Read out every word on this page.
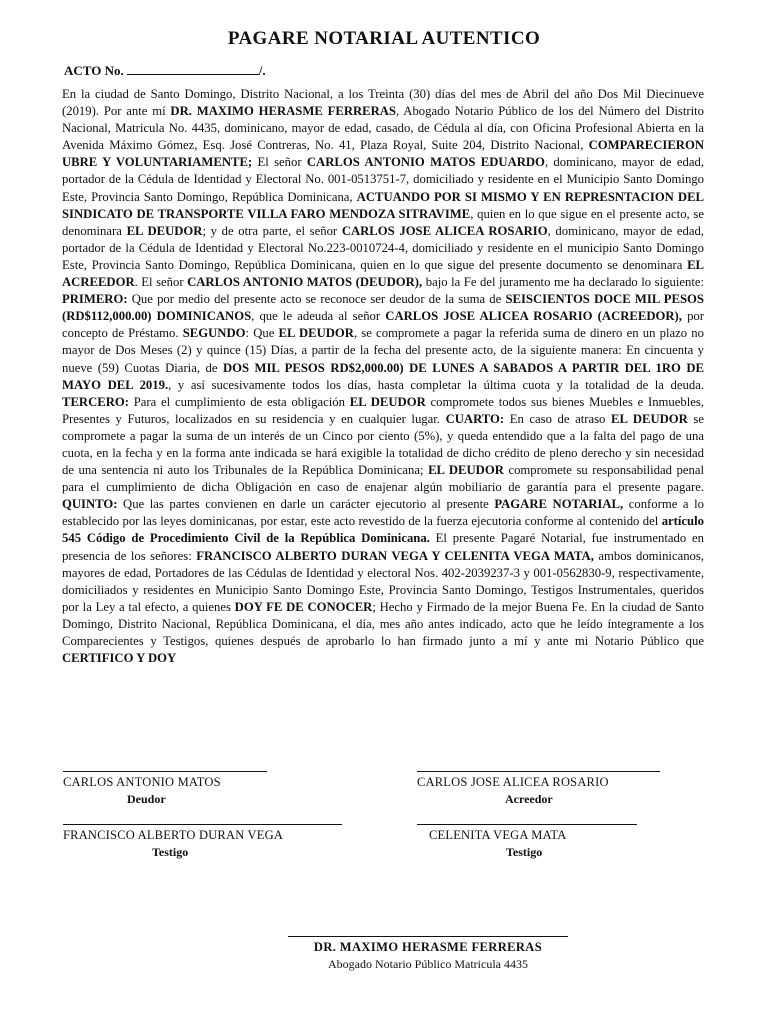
PAGARE NOTARIAL AUTENTICO
ACTO No.	/.

En la ciudad de Santo Domingo, Distrito Nacional, a los Treinta (30) días del mes de Abril del año Dos Mil Diecinueve (2019). Por ante mí DR. MAXIMO HERASME FERRERAS, Abogado Notario Público de los del Número del Distrito Nacional, Matricula No. 4435, dominicano, mayor de edad, casado, de Cédula al día, con Oficina Profesional Abierta en la Avenida Máximo Gómez, Esq. José Contreras, No. 41, Plaza Royal, Suite 204, Distrito Nacional, COMPARECIERON UBRE Y VOLUNTARIAMENTE; El señor CARLOS ANTONIO MATOS EDUARDO, dominicano, mayor de edad, portador de la Cédula de Identidad y Electoral No. 001-0513751-7, domiciliado y residente en el Municipio Santo Domingo Este, Provincia Santo Domingo, República Dominicana, ACTUANDO POR SI MISMO Y EN REPRESNTACION DEL SINDICATO DE TRANSPORTE VILLA FARO MENDOZA SITRAVIME, quien en lo que sigue en el presente acto, se denominara EL DEUDOR; y de otra parte, el señor CARLOS JOSE ALICEA ROSARIO, dominicano, mayor de edad, portador de la Cédula de Identidad y Electoral No.223-0010724-4, domiciliado y residente en el municipio Santo Domingo Este, Provincia Santo Domingo, República Dominicana, quien en lo que sigue del presente documento se denominara EL ACREEDOR. El señor CARLOS ANTONIO MATOS (DEUDOR), bajo la Fe del juramento me ha declarado lo siguiente: PRIMERO: Que por medio del presente acto se reconoce ser deudor de la suma de SEISCIENTOS DOCE MIL PESOS (RD$112,000.00) DOMINICANOS, que le adeuda al señor CARLOS JOSE ALICEA ROSARIO (ACREEDOR), por concepto de Préstamo. SEGUNDO: Que EL DEUDOR, se compromete a pagar la referida suma de dinero en un plazo no mayor de Dos Meses (2) y quince (15) Días, a partir de la fecha del presente acto, de la siguiente manera: En cincuenta y nueve (59) Cuotas Diaria, de DOS MIL PESOS RD$2,000.00) DE LUNES A SABADOS A PARTIR DEL 1RO DE MAYO DEL 2019., y así sucesivamente todos los días, hasta completar la última cuota y la totalidad de la deuda. TERCERO: Para el cumplimiento de esta obligación EL DEUDOR compromete todos sus bienes Muebles e Inmuebles, Presentes y Futuros, localizados en su residencia y en cualquier lugar. CUARTO: En caso de atraso EL DEUDOR se compromete a pagar la suma de un interés de un Cinco por ciento (5%), y queda entendido que a la falta del pago de una cuota, en la fecha y en la forma ante indicada se hará exigible la totalidad de dicho crédito de pleno derecho y sin necesidad de una sentencia ni auto los Tribunales de la República Dominicana; EL DEUDOR compromete su responsabilidad penal para el cumplimiento de dicha Obligación en caso de enajenar algún mobiliario de garantía para el presente pagare. QUINTO: Que las partes convienen en darle un carácter ejecutorio al presente PAGARE NOTARIAL, conforme a lo establecido por las leyes dominicanas, por estar, este acto revestido de la fuerza ejecutoria conforme al contenido del artículo 545 Código de Procedimiento Civil de la República Dominicana. El presente Pagaré Notarial, fue instrumentado en presencia de los señores: FRANCISCO ALBERTO DURAN VEGA Y CELENITA VEGA MATA, ambos dominicanos, mayores de edad, Portadores de las Cédulas de Identidad y electoral Nos. 402-2039237-3 y 001-0562830-9, respectivamente, domiciliados y residentes en Municipio Santo Domingo Este, Provincia Santo Domingo, Testigos Instrumentales, queridos por la Ley a tal efecto, a quienes DOY FE DE CONOCER; Hecho y Firmado de la mejor Buena Fe. En la ciudad de Santo Domingo, Distrito Nacional, República Dominicana, el día, mes año antes indicado, acto que he leído íntegramente a los Comparecientes y Testigos, quienes después de aprobarlo lo han firmado junto a mí y ante mi Notario Público que CERTIFICO Y DOY

CARLOS ANTONIO MATOS
Deudor
CARLOS JOSE ALICEA ROSARIO
Acreedor
FRANCISCO ALBERTO DURAN VEGA
Testigo
CELENITA VEGA MATA
Testigo
DR. MAXIMO HERASME FERRERAS
Abogado Notario Público Matricula 4435
